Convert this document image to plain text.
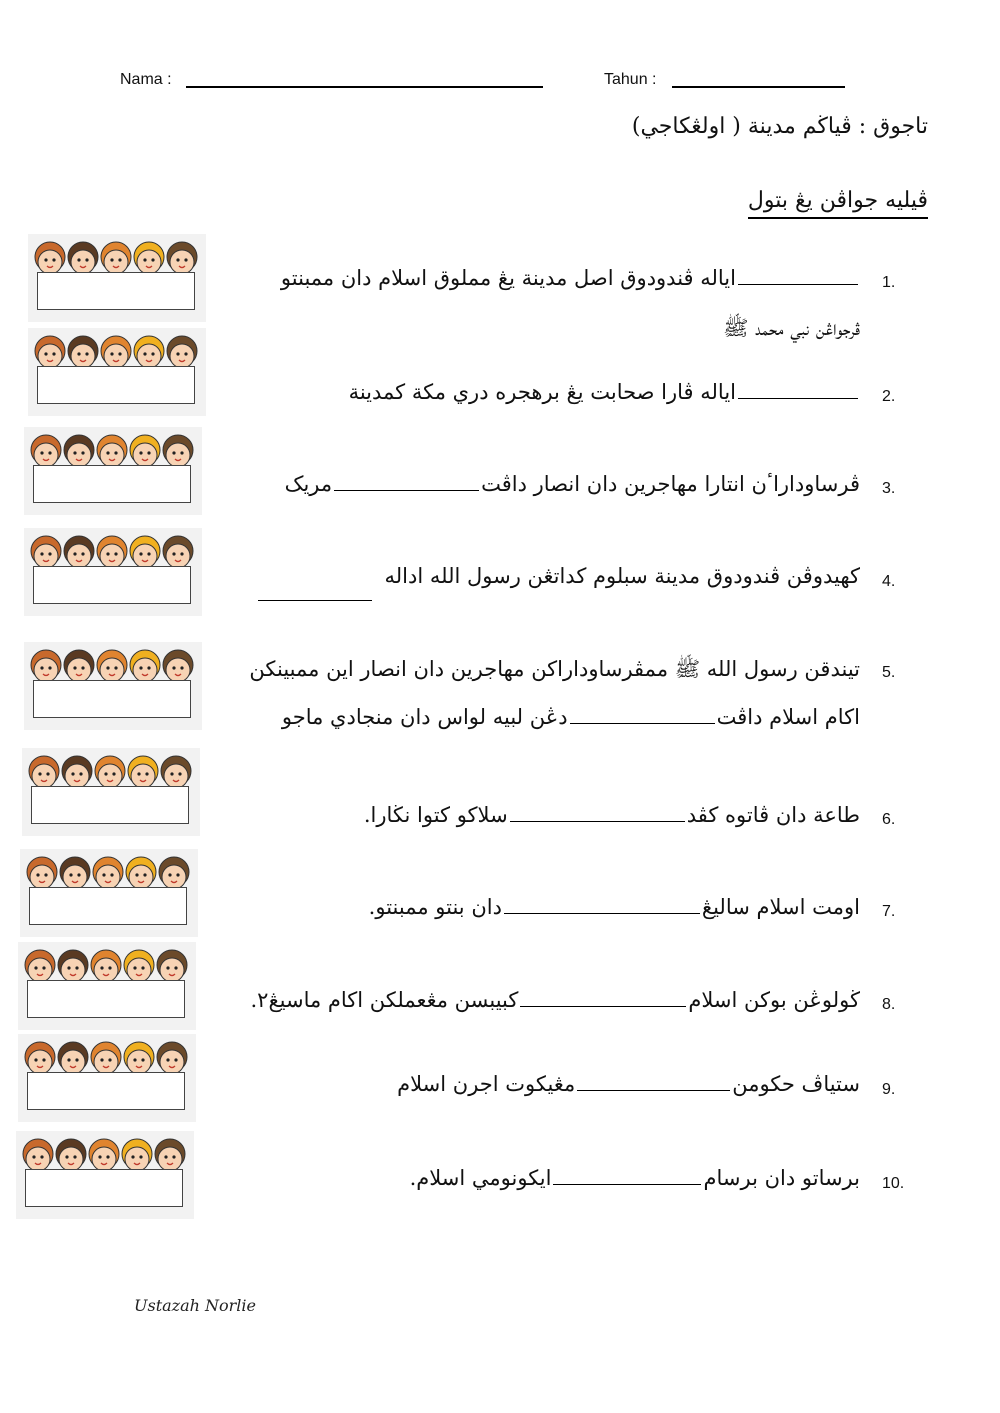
Nama :	Tahun :
تاجوق : ڤياڬم مدينة ( اولڠكاجي)
ڤيليه جواڤن يڠ بتول
1.
اياله ڤندودوق اصل مدينة يڠ مملوق اسلام دان ممبنتو
ڤرجواڠن نبي محمد ﷺ
2.
اياله ڤارا صحابت يڠ برهجره دري مكة كمدينة
3.
ڤرساوداراٴن انتارا مهاجرين دان انصار داڤتمريک
4.
كهيدوڤن ڤندودوق مدينة سبلوم كداتڠن رسول الله اداله
5.
تيندقن رسول الله ﷺ ممڤرساوداراكن مهاجرين دان انصار اين ممبينكن
اكام اسلام داڤتدڠن لبيه لواس دان منجادي ماجو
6.
طاعة دان ڤاتوه كڤدسلاكو كتوا نڬارا.
7.
اومت اسلام ساليڠدان بنتو ممبنتو.
8.
ڬولوڠن بوكن اسلامكبيبسن مڠعملكن اكام ماسيڠ٢.
9.
ستياڤ حكومنمڠيكوت اجرن اسلام
10.
برساتو دان برسامايكونومي اسلام.
Ustazah Norlie
